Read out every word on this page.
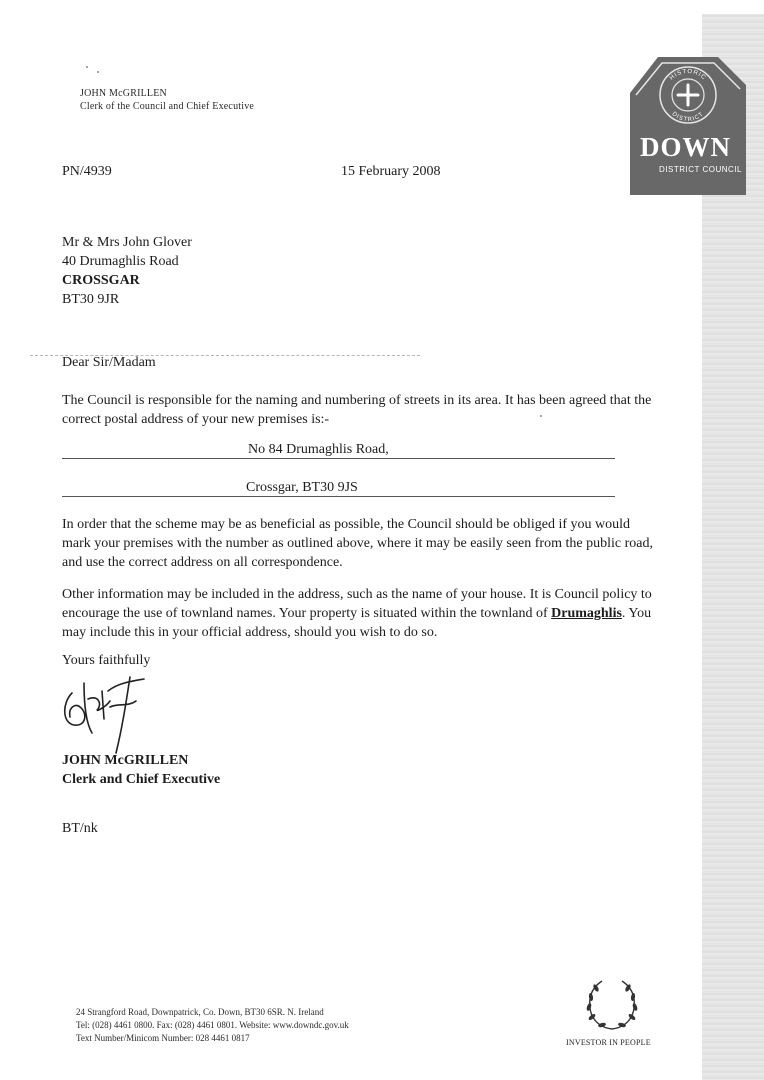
JOHN McGRILLEN
Clerk of the Council and Chief Executive
HISTORIC
DISTRICT
DOWN
DISTRICT COUNCIL
PN/4939	15 February 2008
Mr & Mrs John Glover
40 Drumaghlis Road
CROSSGAR
BT30 9JR
Dear Sir/Madam
The Council is responsible for the naming and numbering of streets in its area. It has been agreed that the correct postal address of your new premises is:-
No 84 Drumaghlis Road,
Crossgar, BT30 9JS
In order that the scheme may be as beneficial as possible, the Council should be obliged if you would mark your premises with the number as outlined above, where it may be easily seen from the public road, and use the correct address on all correspondence.
Other information may be included in the address, such as the name of your house. It is Council policy to encourage the use of townland names. Your property is situated within the townland of Drumaghlis. You may include this in your official address, should you wish to do so.
Yours faithfully
JOHN McGRILLEN
Clerk and Chief Executive
BT/nk
24 Strangford Road, Downpatrick, Co. Down, BT30 6SR. N. Ireland
Tel: (028) 4461 0800. Fax: (028) 4461 0801. Website: www.downdc.gov.uk
Text Number/Minicom Number: 028 4461 0817	INVESTOR IN PEOPLE
